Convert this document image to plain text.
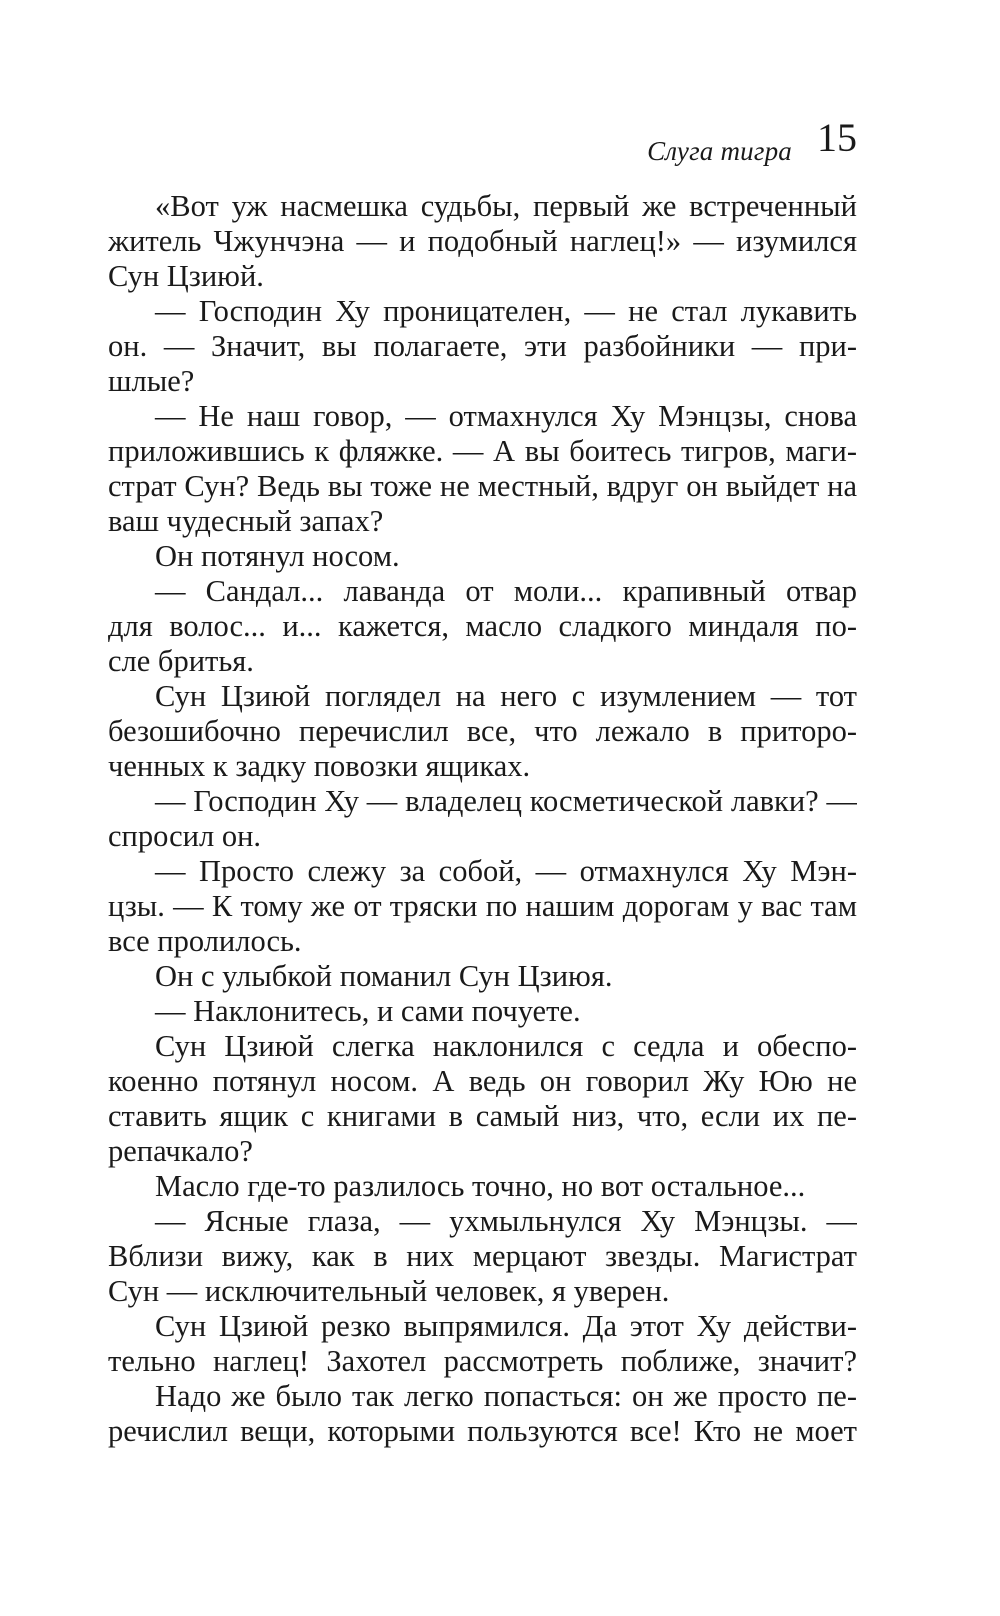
Слуга тигра 15
«Вот уж насмешка судьбы, первый же встреченный
житель Чжунчэна — и подобный наглец!» — изумился
Сун Цзиюй.
— Господин Ху проницателен, — не стал лукавить
он. — Значит, вы полагаете, эти разбойники — при-
шлые?
— Не наш говор, — отмахнулся Ху Мэнцзы, снова
приложившись к фляжке. — А вы боитесь тигров, маги-
страт Сун? Ведь вы тоже не местный, вдруг он выйдет на
ваш чудесный запах?
Он потянул носом.
— Сандал... лаванда от моли... крапивный отвар
для волос... и... кажется, масло сладкого миндаля по-
сле бритья.
Сун Цзиюй поглядел на него с изумлением — тот
безошибочно перечислил все, что лежало в приторо-
ченных к задку повозки ящиках.
— Господин Ху — владелец косметической лавки? —
спросил он.
— Просто слежу за собой, — отмахнулся Ху Мэн-
цзы. — К тому же от тряски по нашим дорогам у вас там
все пролилось.
Он с улыбкой поманил Сун Цзиюя.
— Наклонитесь, и сами почуете.
Сун Цзиюй слегка наклонился с седла и обеспо-
коенно потянул носом. А ведь он говорил Жу Юю не
ставить ящик с книгами в самый низ, что, если их пе-
репачкало?
Масло где-то разлилось точно, но вот остальное...
— Ясные глаза, — ухмыльнулся Ху Мэнцзы. —
Вблизи вижу, как в них мерцают звезды. Магистрат
Сун — исключительный человек, я уверен.
Сун Цзиюй резко выпрямился. Да этот Ху действи-
тельно наглец! Захотел рассмотреть поближе, значит?
Надо же было так легко попасться: он же просто пе-
речислил вещи, которыми пользуются все! Кто не моет
